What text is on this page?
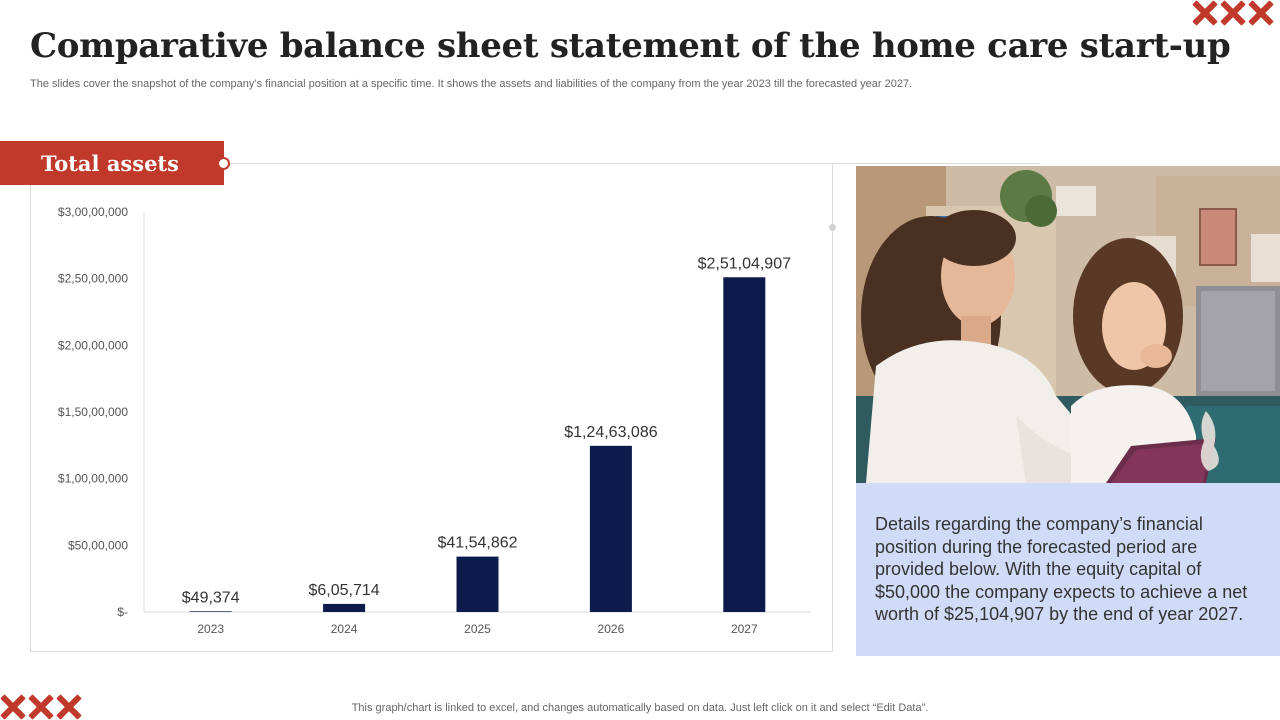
Comparative balance sheet statement of the home care start-up

The slides cover the snapshot of the company’s financial position at a specific time. It shows the assets and liabilities of the company from the year 2023 till the forecasted year 2027.

$-
$50,00,000
$1,00,00,000
$1,50,00,000
$2,00,00,000
$2,50,00,000
$3,00,00,000
$49,374
2023
$6,05,714
2024
$41,54,862
2025
$1,24,63,086
2026
$2,51,04,907
2027
Total assets

Details regarding the company’s financial position during the forecasted period are provided below. With the equity capital of $50,000 the company expects to achieve a net worth of $25,104,907 by the end of year 2027.

This graph/chart is linked to excel, and changes automatically based on data. Just left click on it and select “Edit Data”.
